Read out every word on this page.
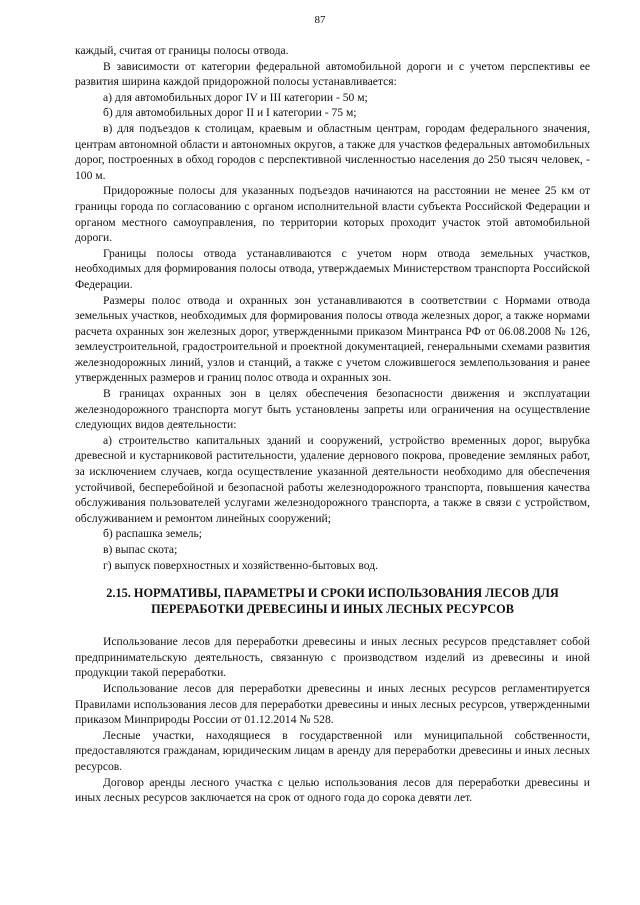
87

каждый, считая от границы полосы отвода.

В зависимости от категории федеральной автомобильной дороги и с учетом перспективы ее развития ширина каждой придорожной полосы устанавливается:

а) для автомобильных дорог IV и III категории - 50 м;

б) для автомобильных дорог II и I категории - 75 м;

в) для подъездов к столицам, краевым и областным центрам, городам федерального значения, центрам автономной области и автономных округов, а также для участков федеральных автомобильных дорог, построенных в обход городов с перспективной численностью населения до 250 тысяч человек, - 100 м.

Придорожные полосы для указанных подъездов начинаются на расстоянии не менее 25 км от границы города по согласованию с органом исполнительной власти субъекта Российской Федерации и органом местного самоуправления, по территории которых проходит участок этой автомобильной дороги.

Границы полосы отвода устанавливаются с учетом норм отвода земельных участков, необходимых для формирования полосы отвода, утверждаемых Министерством транспорта Российской Федерации.

Размеры полос отвода и охранных зон устанавливаются в соответствии с Нормами отвода земельных участков, необходимых для формирования полосы отвода железных дорог, а также нормами расчета охранных зон железных дорог, утвержденными приказом Минтранса РФ от 06.08.2008 № 126, землеустроительной, градостроительной и проектной документацией, генеральными схемами развития железнодорожных линий, узлов и станций, а также с учетом сложившегося землепользования и ранее утвержденных размеров и границ полос отвода и охранных зон.

В границах охранных зон в целях обеспечения безопасности движения и эксплуатации железнодорожного транспорта могут быть установлены запреты или ограничения на осуществление следующих видов деятельности:

а) строительство капитальных зданий и сооружений, устройство временных дорог, вырубка древесной и кустарниковой растительности, удаление дернового покрова, проведение земляных работ, за исключением случаев, когда осуществление указанной деятельности необходимо для обеспечения устойчивой, бесперебойной и безопасной работы железнодорожного транспорта, повышения качества обслуживания пользователей услугами железнодорожного транспорта, а также в связи с устройством, обслуживанием и ремонтом линейных сооружений;

б) распашка земель;

в) выпас скота;

г) выпуск поверхностных и хозяйственно-бытовых вод.

2.15. НОРМАТИВЫ, ПАРАМЕТРЫ И СРОКИ ИСПОЛЬЗОВАНИЯ ЛЕСОВ ДЛЯ ПЕРЕРАБОТКИ ДРЕВЕСИНЫ И ИНЫХ ЛЕСНЫХ РЕСУРСОВ

Использование лесов для переработки древесины и иных лесных ресурсов представляет собой предпринимательскую деятельность, связанную с производством изделий из древесины и иной продукции такой переработки.

Использование лесов для переработки древесины и иных лесных ресурсов регламентируется Правилами использования лесов для переработки древесины и иных лесных ресурсов, утвержденными приказом Минприроды России от 01.12.2014 № 528.

Лесные участки, находящиеся в государственной или муниципальной собственности, предоставляются гражданам, юридическим лицам в аренду для переработки древесины и иных лесных ресурсов.

Договор аренды лесного участка с целью использования лесов для переработки древесины и иных лесных ресурсов заключается на срок от одного года до сорока девяти лет.
